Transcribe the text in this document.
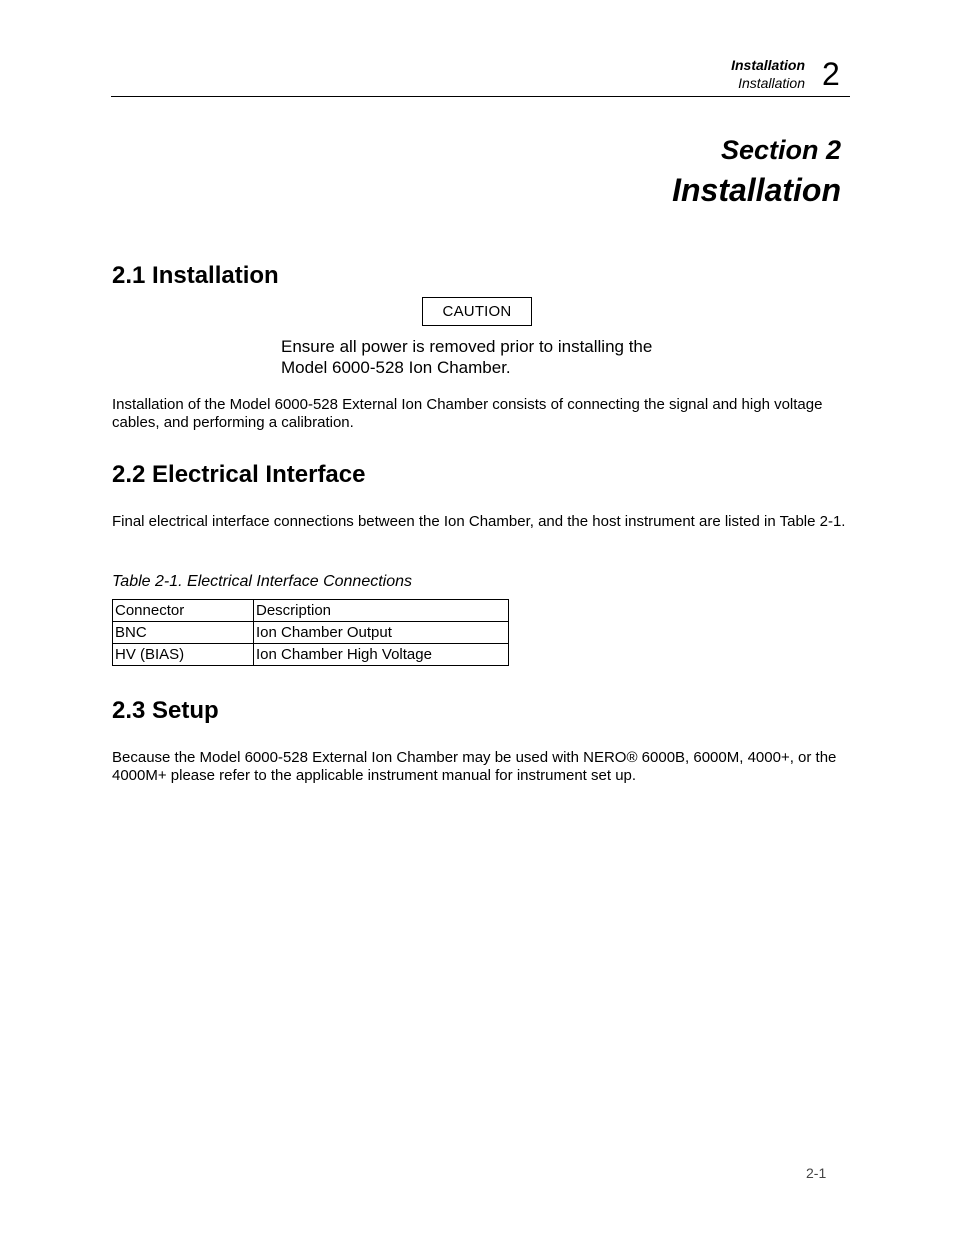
Installation
Installation 2
Section 2
Installation
2.1 Installation
CAUTION
Ensure all power is removed prior to installing the
Model 6000-528 Ion Chamber.
Installation of the Model 6000-528 External Ion Chamber consists of connecting the signal and high voltage cables, and performing a calibration.
2.2 Electrical Interface
Final electrical interface connections between the Ion Chamber, and the host instrument are listed in Table 2-1.
Table 2-1. Electrical Interface Connections
Connector	Description
BNC	Ion Chamber Output
HV (BIAS)	Ion Chamber High Voltage
2.3 Setup
Because the Model 6000-528 External Ion Chamber may be used with NERO® 6000B, 6000M, 4000+, or the 4000M+ please refer to the applicable instrument manual for instrument set up.
2-1
